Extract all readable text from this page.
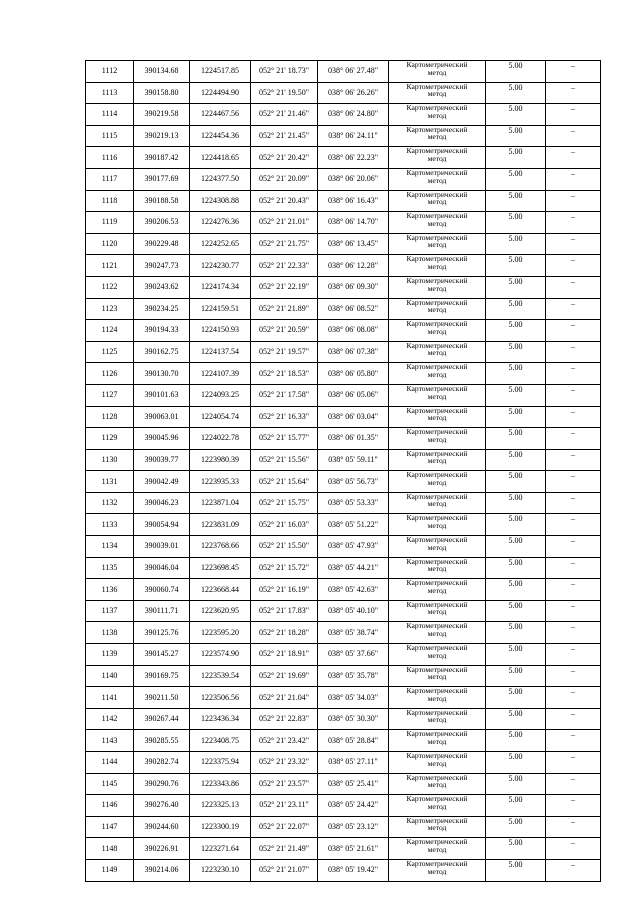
1112	390134.68	1224517.85	052° 21' 18.73"	038° 06' 27.48"	Картометрический
метод	5.00	–
1113	390158.80	1224494.90	052° 21' 19.50"	038° 06' 26.26"	Картометрический
метод	5.00	–
1114	390219.58	1224467.56	052° 21' 21.46"	038° 06' 24.80"	Картометрический
метод	5.00	–
1115	390219.13	1224454.36	052° 21' 21.45"	038° 06' 24.11"	Картометрический
метод	5.00	–
1116	390187.42	1224418.65	052° 21' 20.42"	038° 06' 22.23"	Картометрический
метод	5.00	–
1117	390177.69	1224377.50	052° 21' 20.09"	038° 06' 20.06"	Картометрический
метод	5.00	–
1118	390188.58	1224308.88	052° 21' 20.43"	038° 06' 16.43"	Картометрический
метод	5.00	–
1119	390206.53	1224276.36	052° 21' 21.01"	038° 06' 14.70"	Картометрический
метод	5.00	–
1120	390229.48	1224252.65	052° 21' 21.75"	038° 06' 13.45"	Картометрический
метод	5.00	–
1121	390247.73	1224230.77	052° 21' 22.33"	038° 06' 12.28"	Картометрический
метод	5.00	–
1122	390243.62	1224174.34	052° 21' 22.19"	038° 06' 09.30"	Картометрический
метод	5.00	–
1123	390234.25	1224159.51	052° 21' 21.89"	038° 06' 08.52"	Картометрический
метод	5.00	–
1124	390194.33	1224150.93	052° 21' 20.59"	038° 06' 08.08"	Картометрический
метод	5.00	–
1125	390162.75	1224137.54	052° 21' 19.57"	038° 06' 07.38"	Картометрический
метод	5.00	–
1126	390130.70	1224107.39	052° 21' 18.53"	038° 06' 05.80"	Картометрический
метод	5.00	–
1127	390101.63	1224093.25	052° 21' 17.58"	038° 06' 05.06"	Картометрический
метод	5.00	–
1128	390063.01	1224054.74	052° 21' 16.33"	038° 06' 03.04"	Картометрический
метод	5.00	–
1129	390045.96	1224022.78	052° 21' 15.77"	038° 06' 01.35"	Картометрический
метод	5.00	–
1130	390039.77	1223980.39	052° 21' 15.56"	038° 05' 59.11"	Картометрический
метод	5.00	–
1131	390042.49	1223935.33	052° 21' 15.64"	038° 05' 56.73"	Картометрический
метод	5.00	–
1132	390046.23	1223871.04	052° 21' 15.75"	038° 05' 53.33"	Картометрический
метод	5.00	–
1133	390054.94	1223831.09	052° 21' 16.03"	038° 05' 51.22"	Картометрический
метод	5.00	–
1134	390039.01	1223768.66	052° 21' 15.50"	038° 05' 47.93"	Картометрический
метод	5.00	–
1135	390046.04	1223698.45	052° 21' 15.72"	038° 05' 44.21"	Картометрический
метод	5.00	–
1136	390060.74	1223668.44	052° 21' 16.19"	038° 05' 42.63"	Картометрический
метод	5.00	–
1137	390111.71	1223620.95	052° 21' 17.83"	038° 05' 40.10"	Картометрический
метод	5.00	–
1138	390125.76	1223595.20	052° 21' 18.28"	038° 05' 38.74"	Картометрический
метод	5.00	–
1139	390145.27	1223574.90	052° 21' 18.91"	038° 05' 37.66"	Картометрический
метод	5.00	–
1140	390169.75	1223539.54	052° 21' 19.69"	038° 05' 35.78"	Картометрический
метод	5.00	–
1141	390211.50	1223506.56	052° 21' 21.04"	038° 05' 34.03"	Картометрический
метод	5.00	–
1142	390267.44	1223436.34	052° 21' 22.83"	038° 05' 30.30"	Картометрический
метод	5.00	–
1143	390285.55	1223408.75	052° 21' 23.42"	038° 05' 28.84"	Картометрический
метод	5.00	–
1144	390282.74	1223375.94	052° 21' 23.32"	038° 05' 27.11"	Картометрический
метод	5.00	–
1145	390290.76	1223343.86	052° 21' 23.57"	038° 05' 25.41"	Картометрический
метод	5.00	–
1146	390276.40	1223325.13	052° 21' 23.11"	038° 05' 24.42"	Картометрический
метод	5.00	–
1147	390244.60	1223300.19	052° 21' 22.07"	038° 05' 23.12"	Картометрический
метод	5.00	–
1148	390226.91	1223271.64	052° 21' 21.49"	038° 05' 21.61"	Картометрический
метод	5.00	–
1149	390214.06	1223230.10	052° 21' 21.07"	038° 05' 19.42"	Картометрический
метод	5.00	–
